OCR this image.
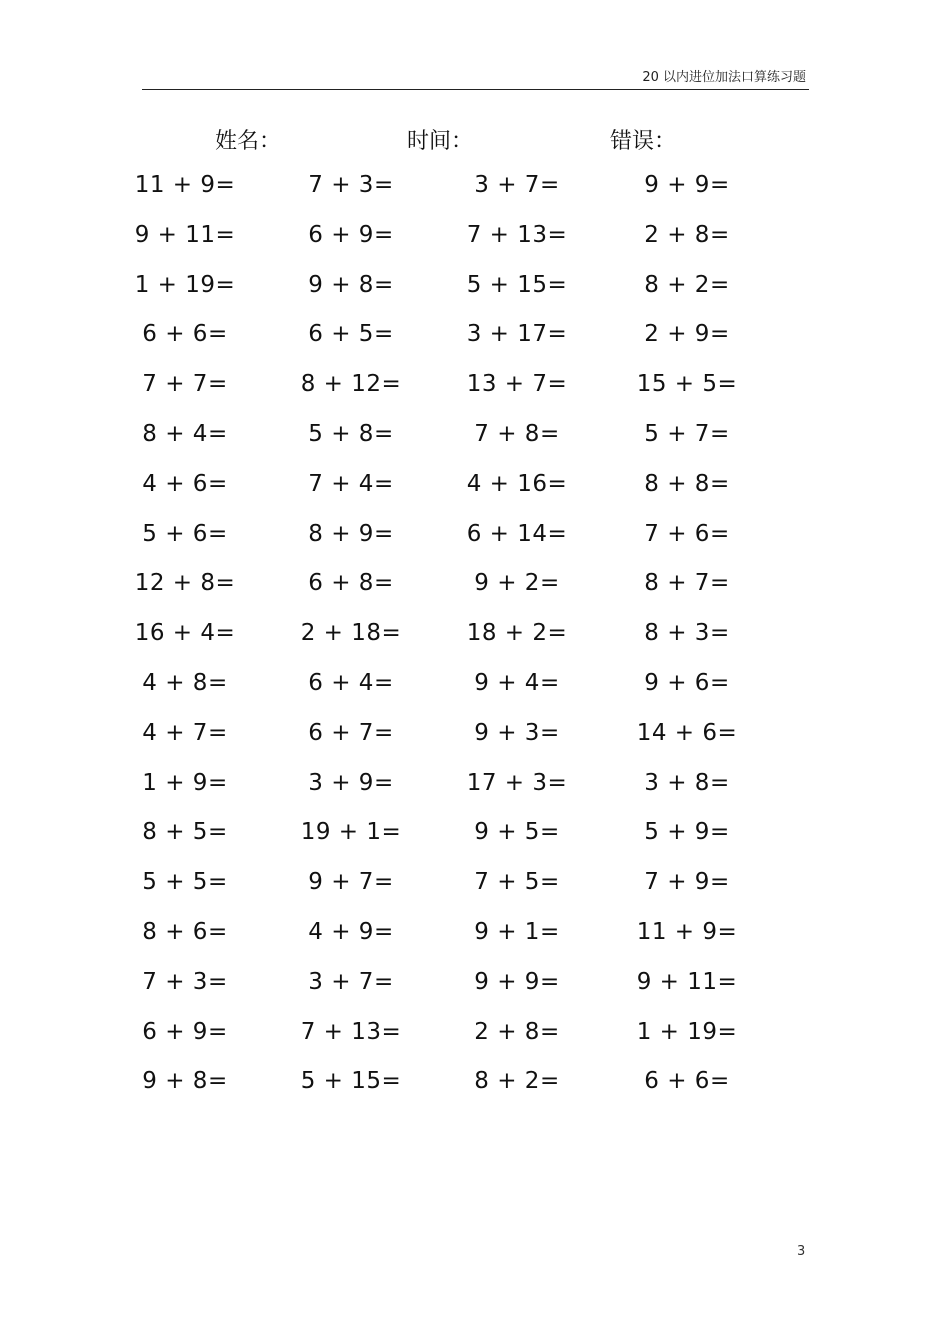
20 以内进位加法口算练习题
姓名：	时间：	错误：
11 + 9=	7 + 3=	3 + 7=	9 + 9=
9 + 11=	6 + 9=	7 + 13=	2 + 8=
1 + 19=	9 + 8=	5 + 15=	8 + 2=
6 + 6=	6 + 5=	3 + 17=	2 + 9=
7 + 7=	8 + 12=	13 + 7=	15 + 5=
8 + 4=	5 + 8=	7 + 8=	5 + 7=
4 + 6=	7 + 4=	4 + 16=	8 + 8=
5 + 6=	8 + 9=	6 + 14=	7 + 6=
12 + 8=	6 + 8=	9 + 2=	8 + 7=
16 + 4=	2 + 18=	18 + 2=	8 + 3=
4 + 8=	6 + 4=	9 + 4=	9 + 6=
4 + 7=	6 + 7=	9 + 3=	14 + 6=
1 + 9=	3 + 9=	17 + 3=	3 + 8=
8 + 5=	19 + 1=	9 + 5=	5 + 9=
5 + 5=	9 + 7=	7 + 5=	7 + 9=
8 + 6=	4 + 9=	9 + 1=	11 + 9=
7 + 3=	3 + 7=	9 + 9=	9 + 11=
6 + 9=	7 + 13=	2 + 8=	1 + 19=
9 + 8=	5 + 15=	8 + 2=	6 + 6=
3
